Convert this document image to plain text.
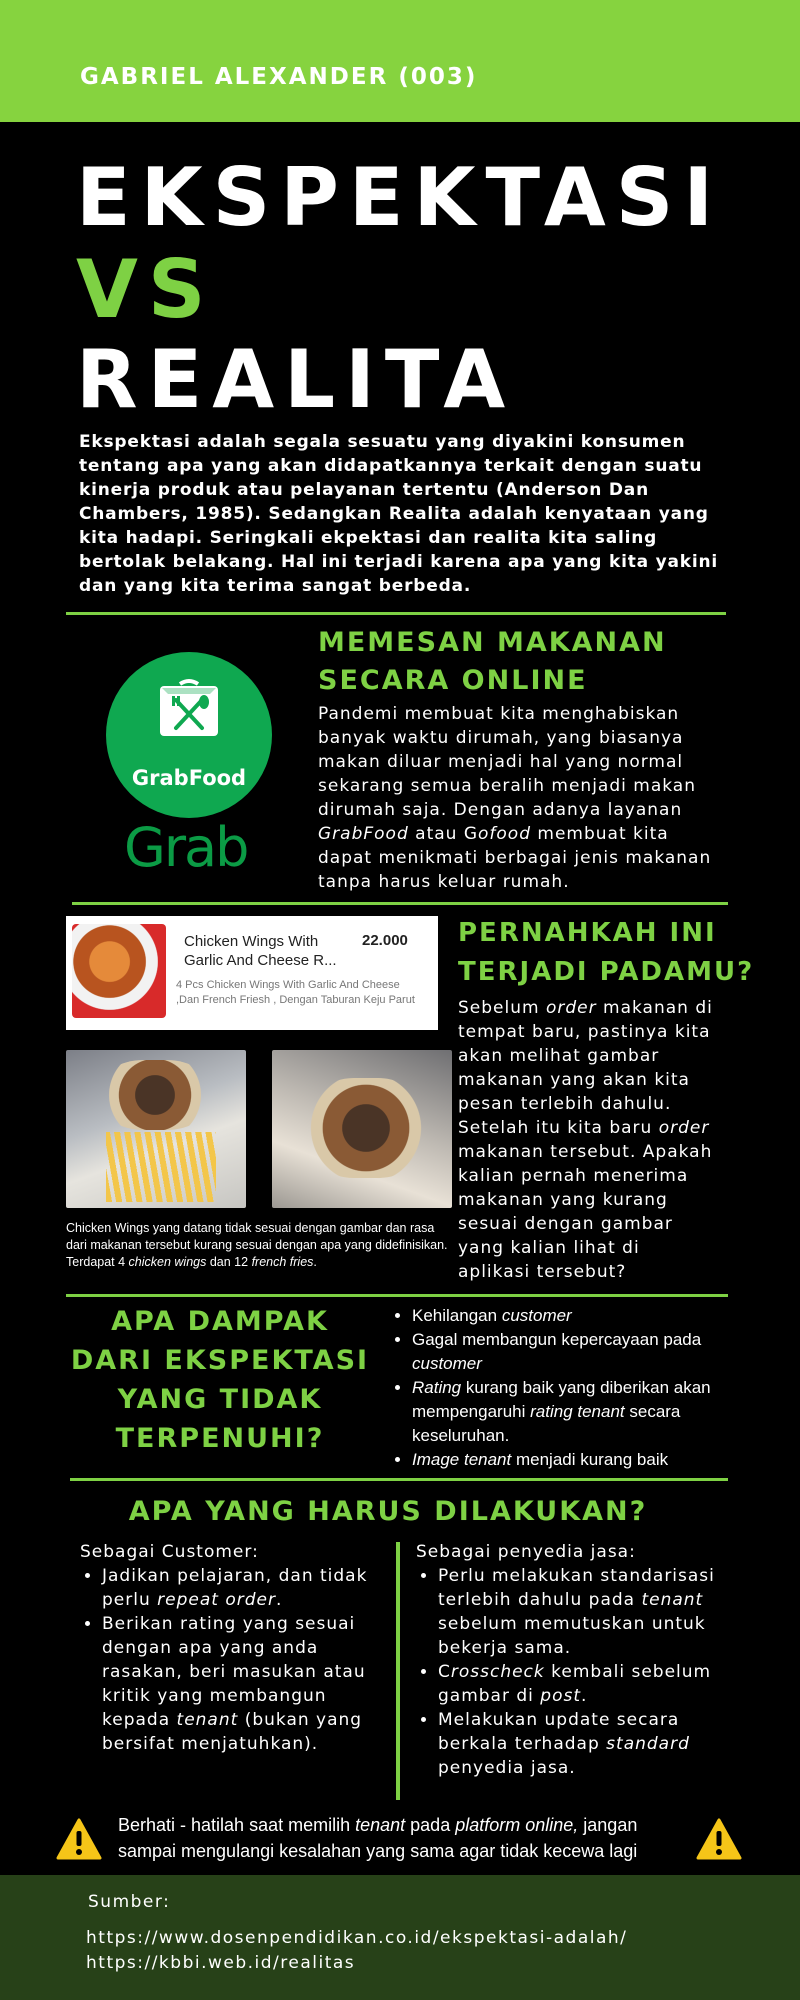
GABRIEL ALEXANDER (003)
EKSPEKTASI
VS
REALITA
Ekspektasi adalah segala sesuatu yang diyakini konsumen tentang apa yang akan didapatkannya terkait dengan suatu kinerja produk atau pelayanan tertentu (Anderson Dan Chambers, 1985). Sedangkan Realita adalah kenyataan yang kita hadapi. Seringkali ekpektasi dan realita kita saling bertolak belakang. Hal ini terjadi karena apa yang kita yakini dan yang kita terima sangat berbeda.
GrabFood
Grab
MEMESAN MAKANAN
SECARA ONLINE
Pandemi membuat kita menghabiskan banyak waktu dirumah, yang biasanya makan diluar menjadi hal yang normal sekarang semua beralih menjadi makan dirumah saja. Dengan adanya layanan GrabFood atau Gofood membuat kita dapat menikmati berbagai jenis makanan tanpa harus keluar rumah.
Chicken Wings With Garlic And Cheese R...
22.000
4 Pcs Chicken Wings With Garlic And Cheese ,Dan French Friesh , Dengan Taburan Keju Parut
Chicken Wings yang datang tidak sesuai dengan gambar dan rasa dari makanan tersebut kurang sesuai dengan apa yang didefinisikan. Terdapat 4 chicken wings dan 12 french fries.
PERNAHKAH INI
TERJADI PADAMU?
Sebelum order makanan di tempat baru, pastinya kita akan melihat gambar makanan yang akan kita pesan terlebih dahulu. Setelah itu kita baru order makanan tersebut. Apakah kalian pernah menerima makanan yang kurang sesuai dengan gambar yang kalian lihat di aplikasi tersebut?
APA DAMPAK
DARI EKSPEKTASI
YANG TIDAK
TERPENUHI?
• Kehilangan customer
• Gagal membangun kepercayaan pada customer
• Rating kurang baik yang diberikan akan mempengaruhi rating tenant secara keseluruhan.
• Image tenant menjadi kurang baik
APA YANG HARUS DILAKUKAN?
Sebagai Customer:
• Jadikan pelajaran, dan tidak perlu repeat order.
• Berikan rating yang sesuai dengan apa yang anda rasakan, beri masukan atau kritik yang membangun kepada tenant (bukan yang bersifat menjatuhkan).
Sebagai penyedia jasa:
• Perlu melakukan standarisasi terlebih dahulu pada tenant sebelum memutuskan untuk bekerja sama.
• Crosscheck kembali sebelum gambar di post.
• Melakukan update secara berkala terhadap standard penyedia jasa.
Berhati - hatilah saat memilih tenant pada platform online, jangan sampai mengulangi kesalahan yang sama agar tidak kecewa lagi
Sumber:
https://www.dosenpendidikan.co.id/ekspektasi-adalah/
https://kbbi.web.id/realitas
